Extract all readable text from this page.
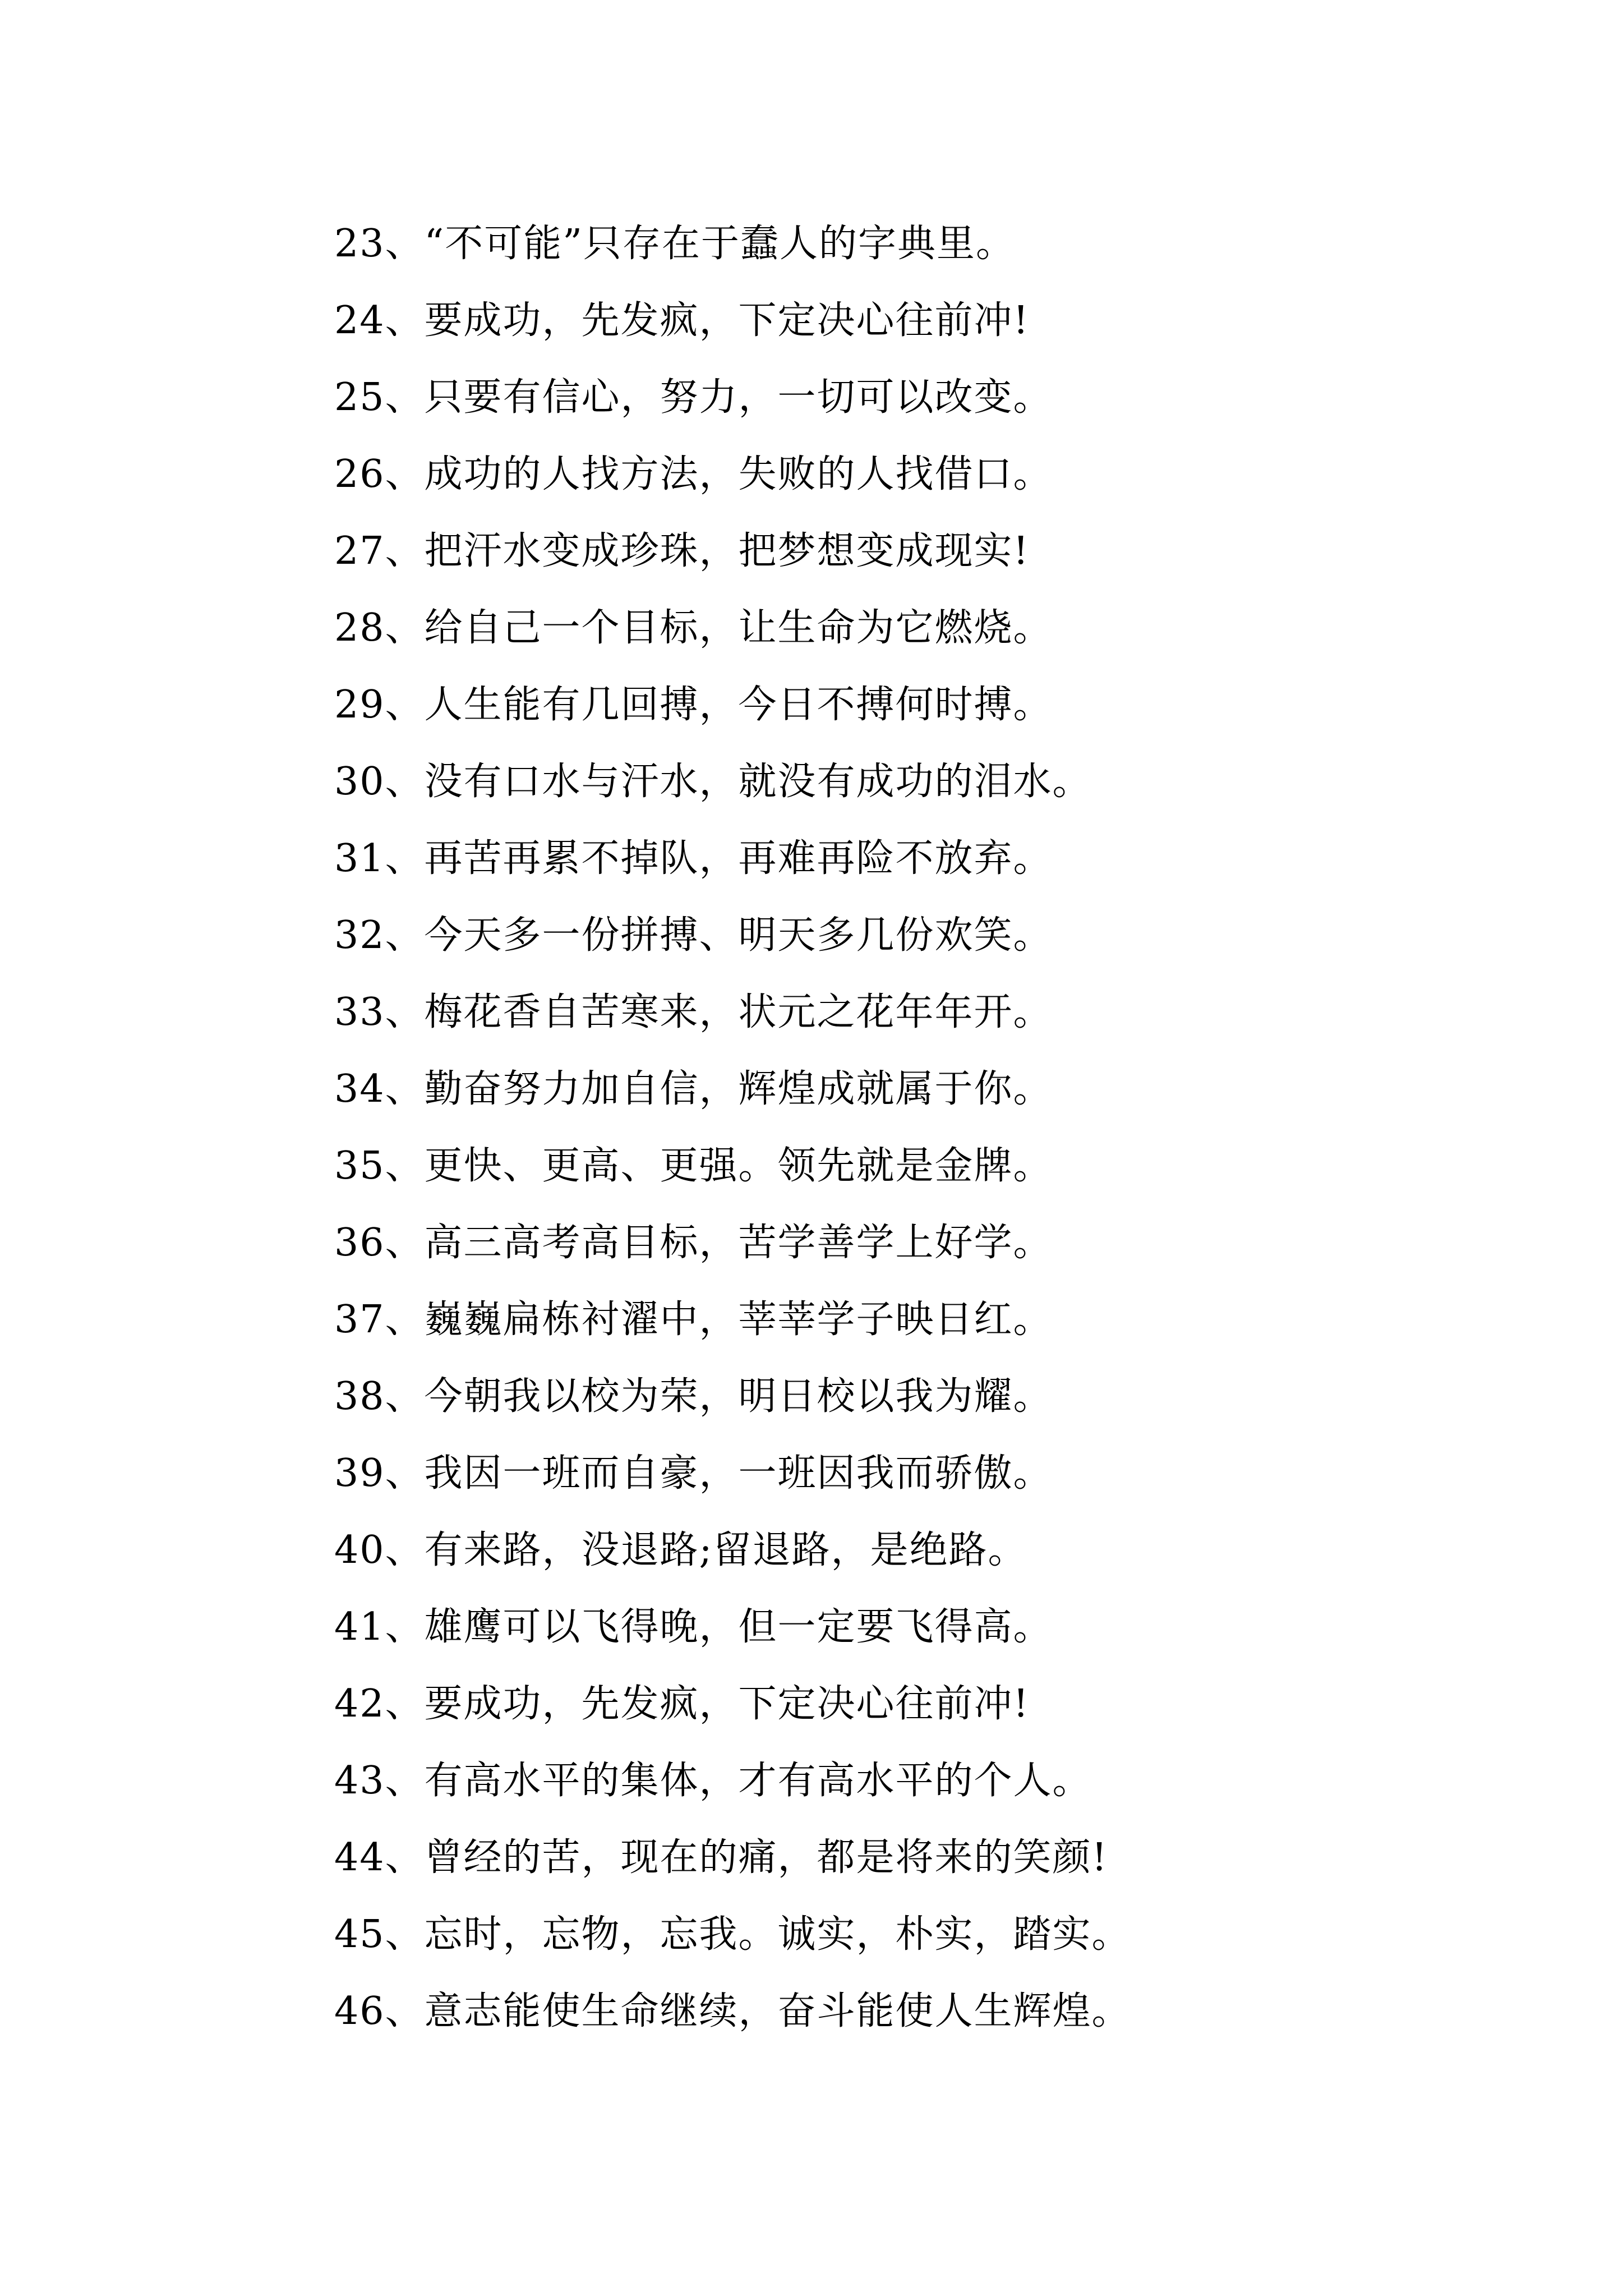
23、“不可能”只存在于蠢人的字典里。
24、要成功，先发疯，下定决心往前冲!
25、只要有信心，努力，一切可以改变。
26、成功的人找方法，失败的人找借口。
27、把汗水变成珍珠，把梦想变成现实!
28、给自己一个目标，让生命为它燃烧。
29、人生能有几回搏，今日不搏何时搏。
30、没有口水与汗水，就没有成功的泪水。
31、再苦再累不掉队，再难再险不放弃。
32、今天多一份拼搏、明天多几份欢笑。
33、梅花香自苦寒来，状元之花年年开。
34、勤奋努力加自信，辉煌成就属于你。
35、更快、更高、更强。领先就是金牌。
36、高三高考高目标，苦学善学上好学。
37、巍巍扁栋衬濯中，莘莘学子映日红。
38、今朝我以校为荣，明日校以我为耀。
39、我因一班而自豪，一班因我而骄傲。
40、有来路，没退路;留退路，是绝路。
41、雄鹰可以飞得晚，但一定要飞得高。
42、要成功，先发疯，下定决心往前冲!
43、有高水平的集体，才有高水平的个人。
44、曾经的苦，现在的痛，都是将来的笑颜!
45、忘时，忘物，忘我。诚实，朴实，踏实。
46、意志能使生命继续，奋斗能使人生辉煌。
